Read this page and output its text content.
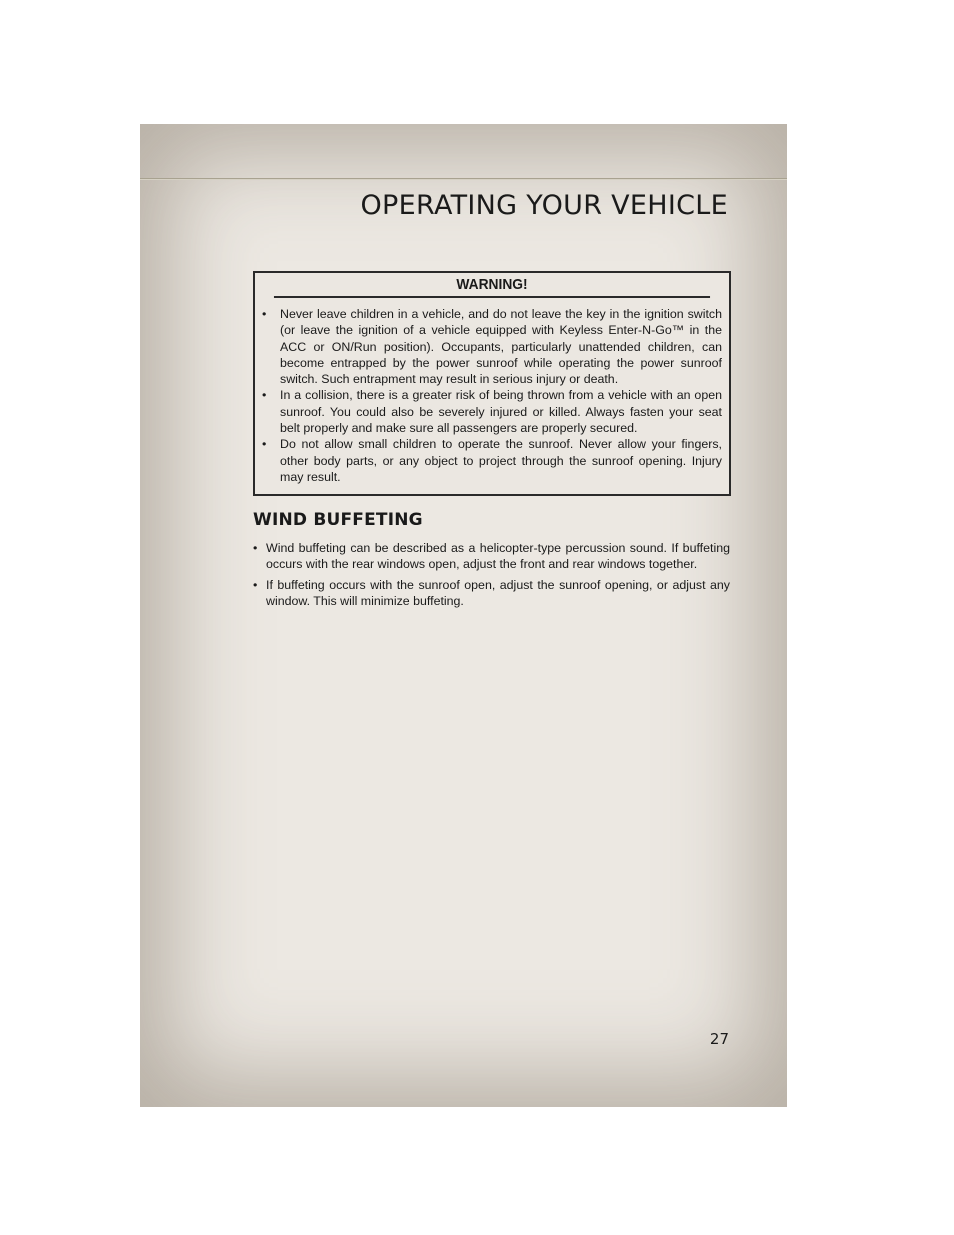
OPERATING YOUR VEHICLE
WARNING!
• Never leave children in a vehicle, and do not leave the key in the ignition switch (or leave the ignition of a vehicle equipped with Keyless Enter-N-Go™ in the ACC or ON/Run position). Occupants, particularly unattended children, can become entrapped by the power sunroof while operating the power sunroof switch. Such entrapment may result in serious injury or death.
• In a collision, there is a greater risk of being thrown from a vehicle with an open sunroof. You could also be severely injured or killed. Always fasten your seat belt properly and make sure all passengers are properly secured.
• Do not allow small children to operate the sunroof. Never allow your fingers, other body parts, or any object to project through the sunroof opening. Injury may result.
WIND BUFFETING
• Wind buffeting can be described as a helicopter-type percussion sound. If buffeting occurs with the rear windows open, adjust the front and rear windows together.
• If buffeting occurs with the sunroof open, adjust the sunroof opening, or adjust any window. This will minimize buffeting.
27
